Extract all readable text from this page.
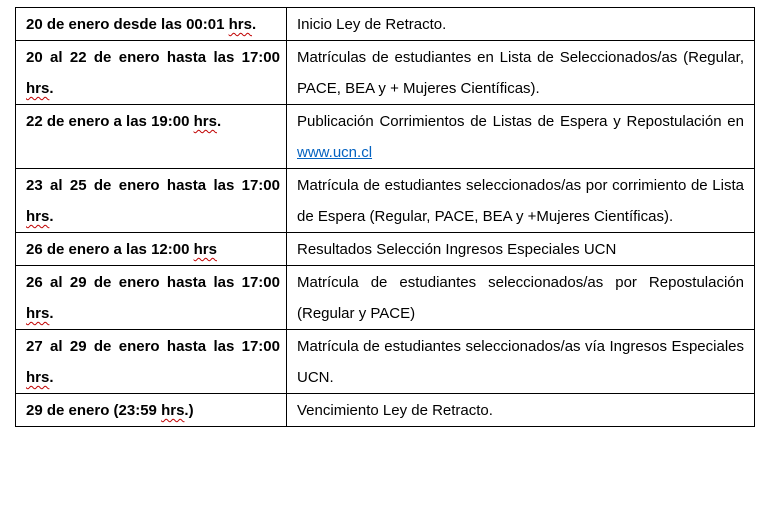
20 de enero desde las 00:01 hrs.	Inicio Ley de Retracto.
20 al 22 de enero hasta las 17:00 hrs.	Matrículas de estudiantes en Lista de Seleccionados/as (Regular, PACE, BEA y + Mujeres Científicas).
22 de enero a las 19:00 hrs.	Publicación Corrimientos de Listas de Espera y Repostulación en www.ucn.cl
23 al 25 de enero hasta las 17:00 hrs.	Matrícula de estudiantes seleccionados/as por corrimiento de Lista de Espera (Regular, PACE, BEA y +Mujeres Científicas).
26 de enero a las 12:00 hrs	Resultados Selección Ingresos Especiales UCN
26 al 29 de enero hasta las 17:00 hrs.	Matrícula de estudiantes seleccionados/as por Repostulación (Regular y PACE)
27 al 29 de enero hasta las 17:00 hrs.	Matrícula de estudiantes seleccionados/as vía Ingresos Especiales UCN.
29 de enero (23:59 hrs.)	Vencimiento Ley de Retracto.
